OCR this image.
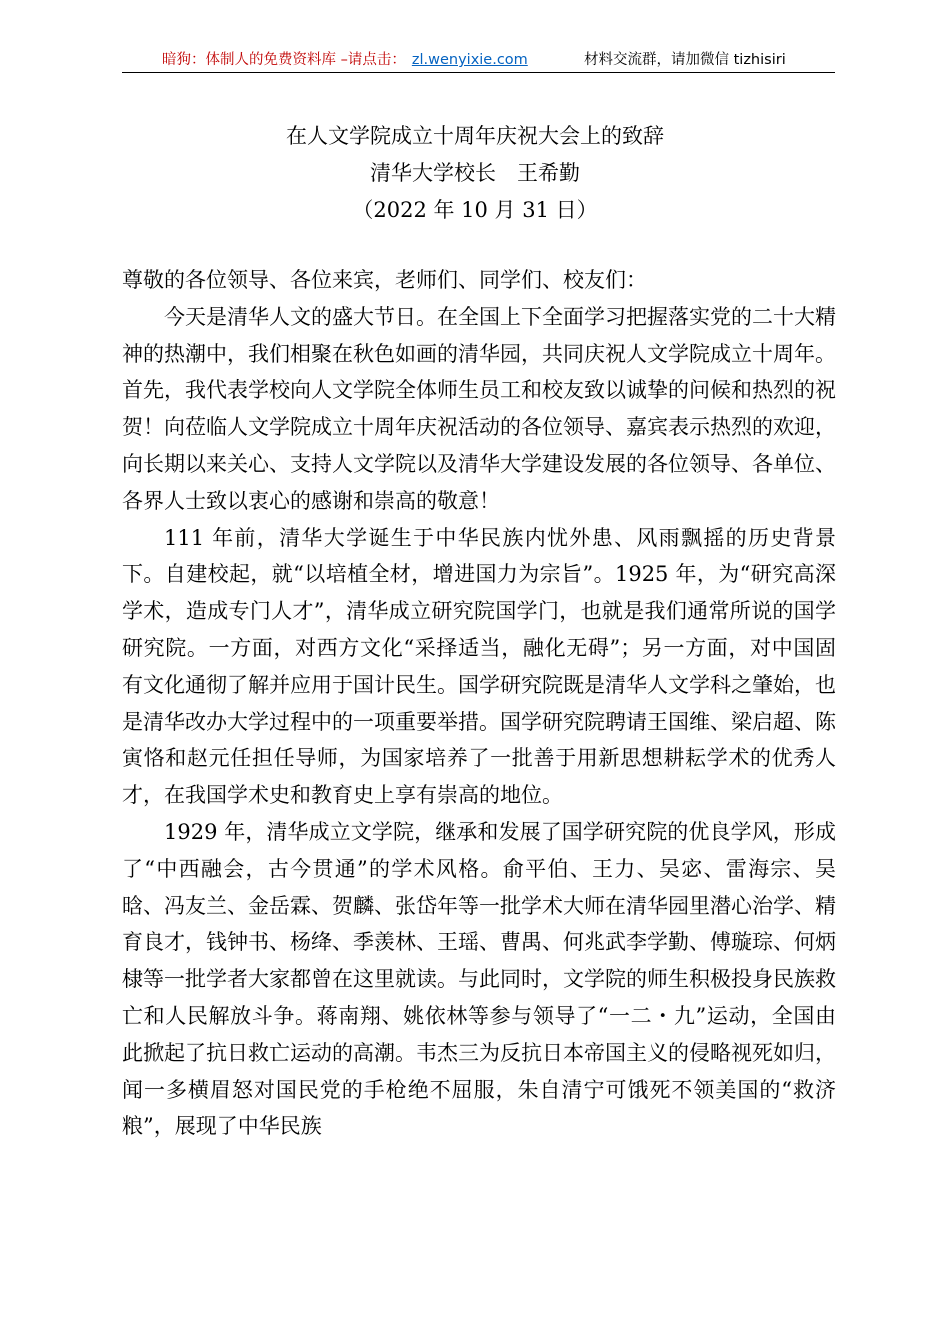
暗狗：体制人的免费资料库 –请点击： zl.wenyixie.com	材料交流群，请加微信 tizhisiri
在人文学院成立十周年庆祝大会上的致辞
清华大学校长　王希勤
（2022 年 10 月 31 日）

尊敬的各位领导、各位来宾，老师们、同学们、校友们：

今天是清华人文的盛大节日。在全国上下全面学习把握落实党的二十大精神的热潮中，我们相聚在秋色如画的清华园，共同庆祝人文学院成立十周年。首先，我代表学校向人文学院全体师生员工和校友致以诚挚的问候和热烈的祝贺！向莅临人文学院成立十周年庆祝活动的各位领导、嘉宾表示热烈的欢迎，向长期以来关心、支持人文学院以及清华大学建设发展的各位领导、各单位、各界人士致以衷心的感谢和崇高的敬意！

111 年前，清华大学诞生于中华民族内忧外患、风雨飘摇的历史背景下。自建校起，就“以培植全材，增进国力为宗旨”。1925 年，为“研究高深学术，造成专门人才”，清华成立研究院国学门，也就是我们通常所说的国学研究院。一方面，对西方文化“采择适当，融化无碍”；另一方面，对中国固有文化通彻了解并应用于国计民生。国学研究院既是清华人文学科之肇始，也是清华改办大学过程中的一项重要举措。国学研究院聘请王国维、梁启超、陈寅恪和赵元任担任导师，为国家培养了一批善于用新思想耕耘学术的优秀人才，在我国学术史和教育史上享有崇高的地位。

1929 年，清华成立文学院，继承和发展了国学研究院的优良学风，形成了“中西融会，古今贯通”的学术风格。俞平伯、王力、吴宓、雷海宗、吴晗、冯友兰、金岳霖、贺麟、张岱年等一批学术大师在清华园里潜心治学、精育良才，钱钟书、杨绛、季羡林、王瑶、曹禺、何兆武李学勤、傅璇琮、何炳棣等一批学者大家都曾在这里就读。与此同时，文学院的师生积极投身民族救亡和人民解放斗争。蒋南翔、姚依林等参与领导了“一二・九”运动，全国由此掀起了抗日救亡运动的高潮。韦杰三为反抗日本帝国主义的侵略视死如归，闻一多横眉怒对国民党的手枪绝不屈服，朱自清宁可饿死不领美国的“救济粮”，展现了中华民族
